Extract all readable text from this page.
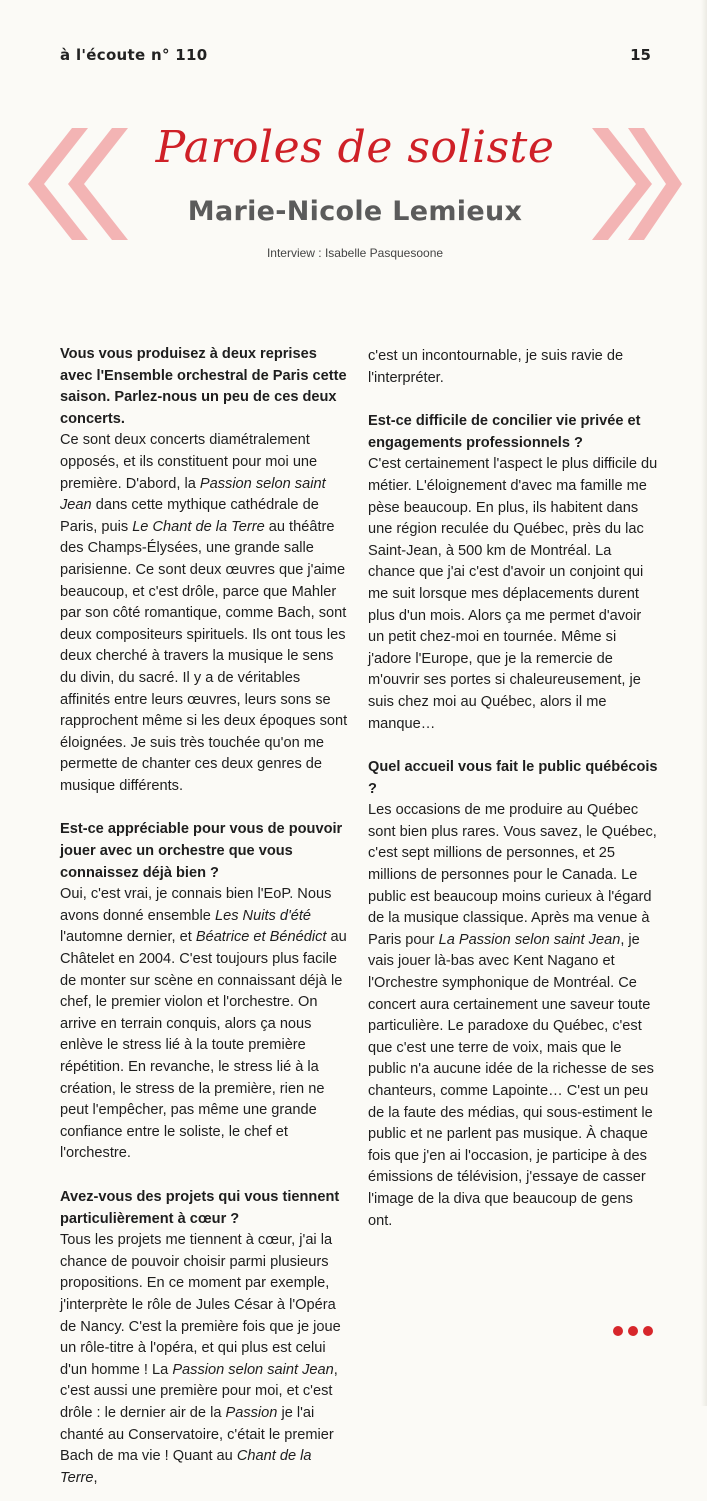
à l'écoute n° 110	15
Paroles de soliste
Marie-Nicole Lemieux
Interview : Isabelle Pasquesoone

Vous vous produisez à deux reprises avec l'Ensemble orchestral de Paris cette saison. Parlez-nous un peu de ces deux concerts.

Ce sont deux concerts diamétralement opposés, et ils constituent pour moi une première. D'abord, la Passion selon saint Jean dans cette mythique cathédrale de Paris, puis Le Chant de la Terre au théâtre des Champs-Élysées, une grande salle parisienne. Ce sont deux œuvres que j'aime beaucoup, et c'est drôle, parce que Mahler par son côté romantique, comme Bach, sont deux compositeurs spirituels. Ils ont tous les deux cherché à travers la musique le sens du divin, du sacré. Il y a de véritables affinités entre leurs œuvres, leurs sons se rapprochent même si les deux époques sont éloignées. Je suis très touchée qu'on me permette de chanter ces deux genres de musique différents.

Est-ce appréciable pour vous de pouvoir jouer avec un orchestre que vous connaissez déjà bien ?

Oui, c'est vrai, je connais bien l'EoP. Nous avons donné ensemble Les Nuits d'été l'automne dernier, et Béatrice et Bénédict au Châtelet en 2004. C'est toujours plus facile de monter sur scène en connaissant déjà le chef, le premier violon et l'orchestre. On arrive en terrain conquis, alors ça nous enlève le stress lié à la toute première répétition. En revanche, le stress lié à la création, le stress de la première, rien ne peut l'empêcher, pas même une grande confiance entre le soliste, le chef et l'orchestre.

Avez-vous des projets qui vous tiennent particulièrement à cœur ?

Tous les projets me tiennent à cœur, j'ai la chance de pouvoir choisir parmi plusieurs propositions. En ce moment par exemple, j'interprète le rôle de Jules César à l'Opéra de Nancy. C'est la première fois que je joue un rôle-titre à l'opéra, et qui plus est celui d'un homme ! La Passion selon saint Jean, c'est aussi une première pour moi, et c'est drôle : le dernier air de la Passion je l'ai chanté au Conservatoire, c'était le premier Bach de ma vie ! Quant au Chant de la Terre,

c'est un incontournable, je suis ravie de l'interpréter.

Est-ce difficile de concilier vie privée et engagements professionnels ?

C'est certainement l'aspect le plus difficile du métier. L'éloignement d'avec ma famille me pèse beaucoup. En plus, ils habitent dans une région reculée du Québec, près du lac Saint-Jean, à 500 km de Montréal. La chance que j'ai c'est d'avoir un conjoint qui me suit lorsque mes déplacements durent plus d'un mois. Alors ça me permet d'avoir un petit chez-moi en tournée. Même si j'adore l'Europe, que je la remercie de m'ouvrir ses portes si chaleureusement, je suis chez moi au Québec, alors il me manque…

Quel accueil vous fait le public québécois ?

Les occasions de me produire au Québec sont bien plus rares. Vous savez, le Québec, c'est sept millions de personnes, et 25 millions de personnes pour le Canada. Le public est beaucoup moins curieux à l'égard de la musique classique. Après ma venue à Paris pour La Passion selon saint Jean, je vais jouer là-bas avec Kent Nagano et l'Orchestre symphonique de Montréal. Ce concert aura certainement une saveur toute particulière. Le paradoxe du Québec, c'est que c'est une terre de voix, mais que le public n'a aucune idée de la richesse de ses chanteurs, comme Lapointe… C'est un peu de la faute des médias, qui sous-estiment le public et ne parlent pas musique. À chaque fois que j'en ai l'occasion, je participe à des émissions de télévision, j'essaye de casser l'image de la diva que beaucoup de gens ont.
